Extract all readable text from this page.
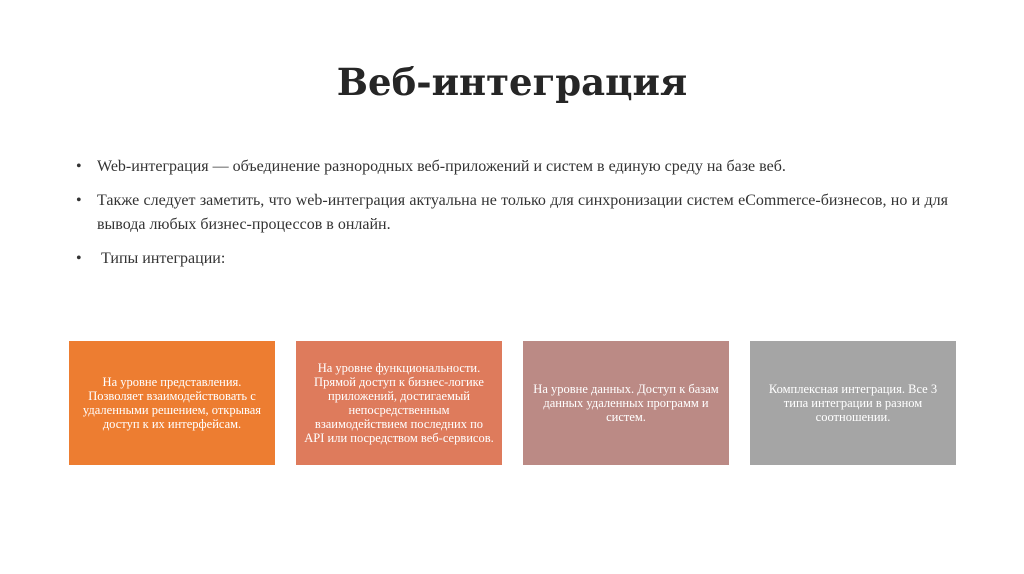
Веб-интеграция
• Web-интеграция — объединение разнородных веб-приложений и систем в единую среду на базе веб.
• Также следует заметить, что web-интеграция актуальна не только для синхронизации систем eCommerce-бизнесов, но и для вывода любых бизнес-процессов в онлайн.
• Типы интеграции:
На уровне представления. Позволяет взаимодействовать с удаленными решением, открывая доступ к их интерфейсам.
На уровне функциональности. Прямой доступ к бизнес-логике приложений, достигаемый непосредственным взаимодействием последних по API или посредством веб-сервисов.
На уровне данных. Доступ к базам данных удаленных программ и систем.
Комплексная интеграция. Все 3 типа интеграции в разном соотношении.
